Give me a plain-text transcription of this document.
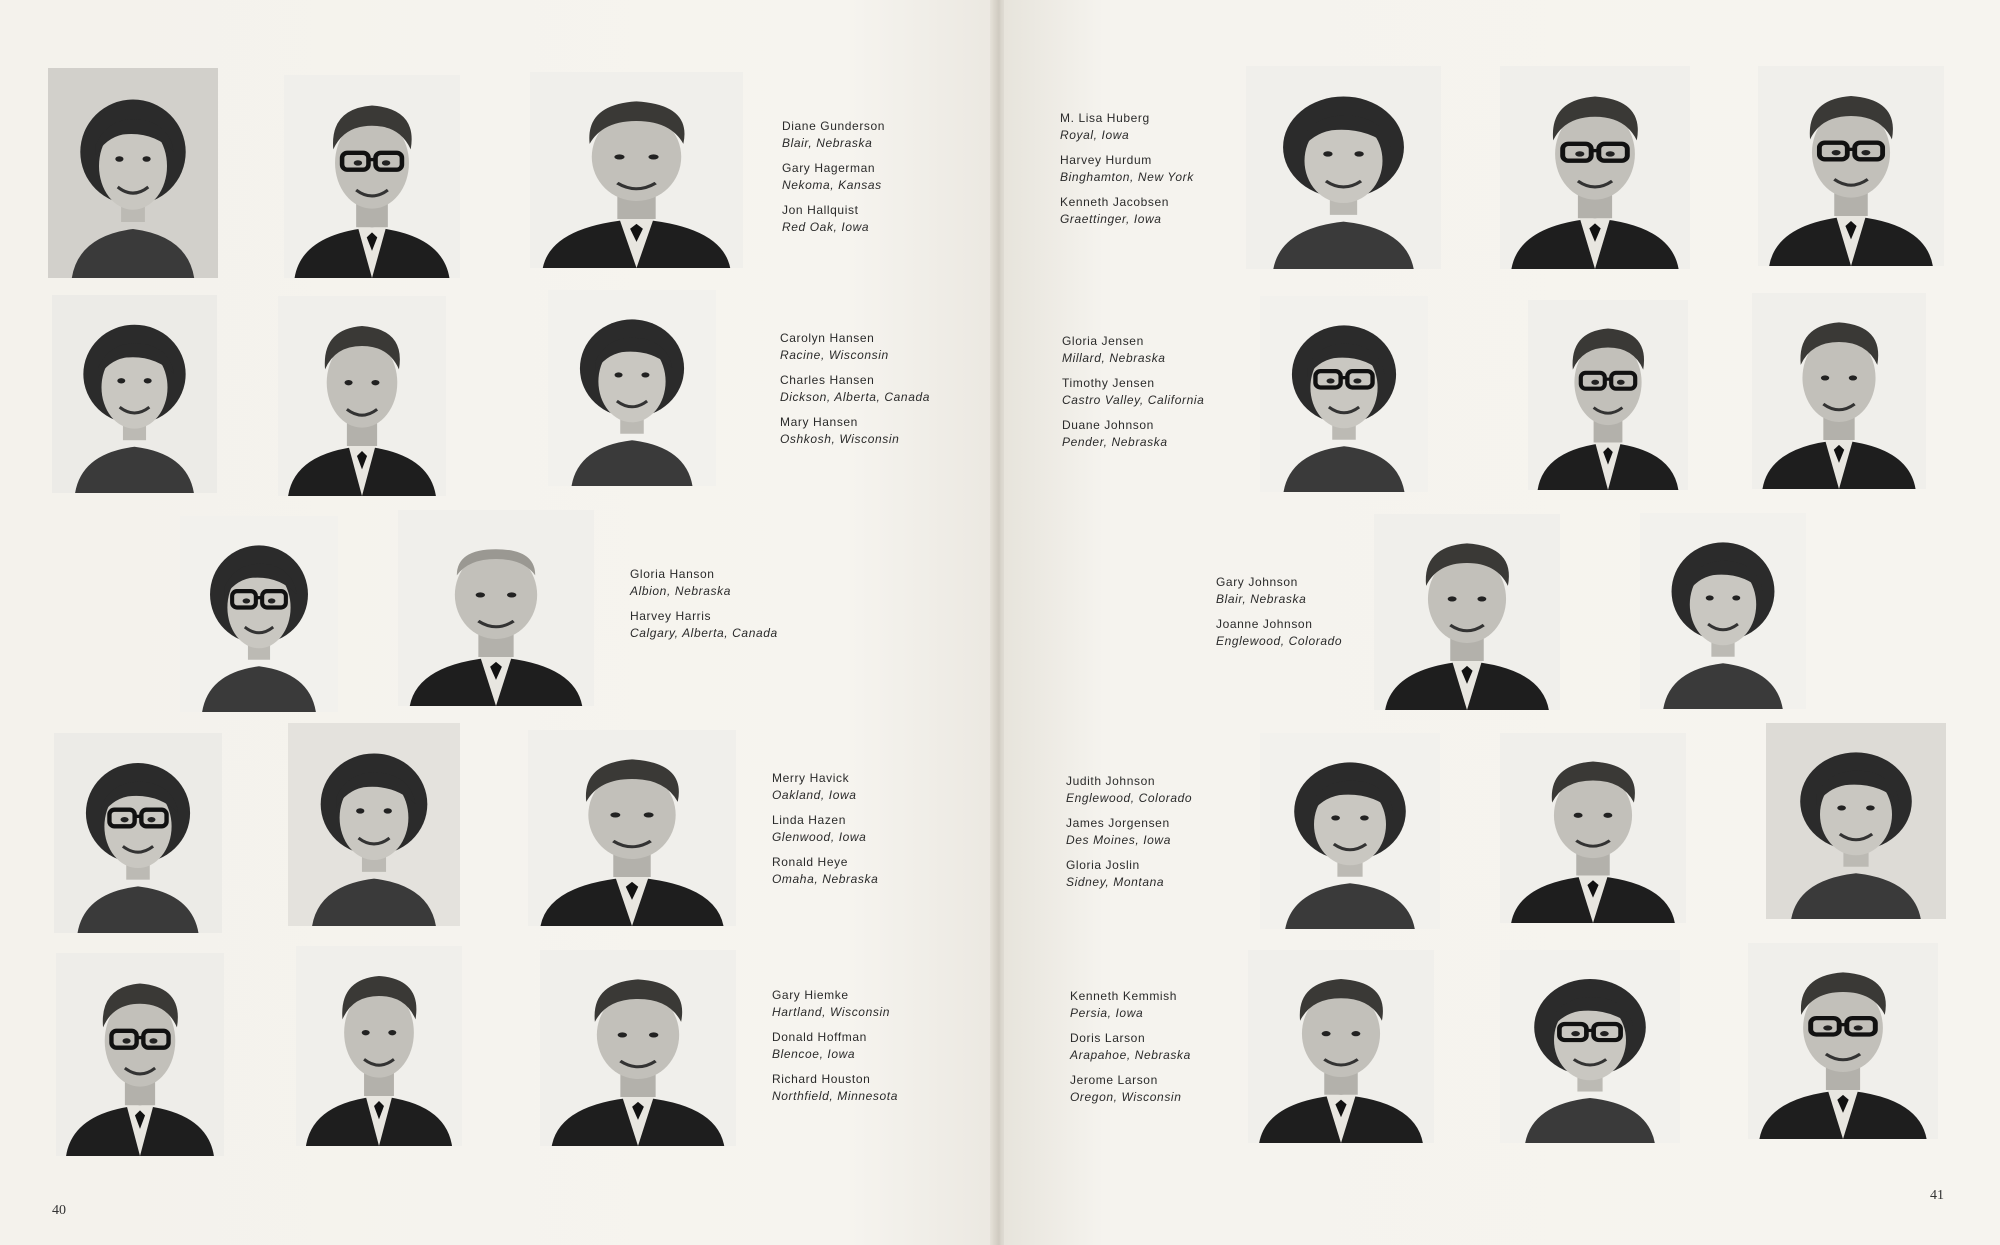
Diane Gunderson
Blair, Nebraska
Gary Hagerman
Nekoma, Kansas
Jon Hallquist
Red Oak, Iowa
Carolyn Hansen
Racine, Wisconsin
Charles Hansen
Dickson, Alberta, Canada
Mary Hansen
Oshkosh, Wisconsin
Gloria Hanson
Albion, Nebraska
Harvey Harris
Calgary, Alberta, Canada
Merry Havick
Oakland, Iowa
Linda Hazen
Glenwood, Iowa
Ronald Heye
Omaha, Nebraska
Gary Hiemke
Hartland, Wisconsin
Donald Hoffman
Blencoe, Iowa
Richard Houston
Northfield, Minnesota
40
M. Lisa Huberg
Royal, Iowa
Harvey Hurdum
Binghamton, New York
Kenneth Jacobsen
Graettinger, Iowa
Gloria Jensen
Millard, Nebraska
Timothy Jensen
Castro Valley, California
Duane Johnson
Pender, Nebraska
Gary Johnson
Blair, Nebraska
Joanne Johnson
Englewood, Colorado
Judith Johnson
Englewood, Colorado
James Jorgensen
Des Moines, Iowa
Gloria Joslin
Sidney, Montana
Kenneth Kemmish
Persia, Iowa
Doris Larson
Arapahoe, Nebraska
Jerome Larson
Oregon, Wisconsin
41
